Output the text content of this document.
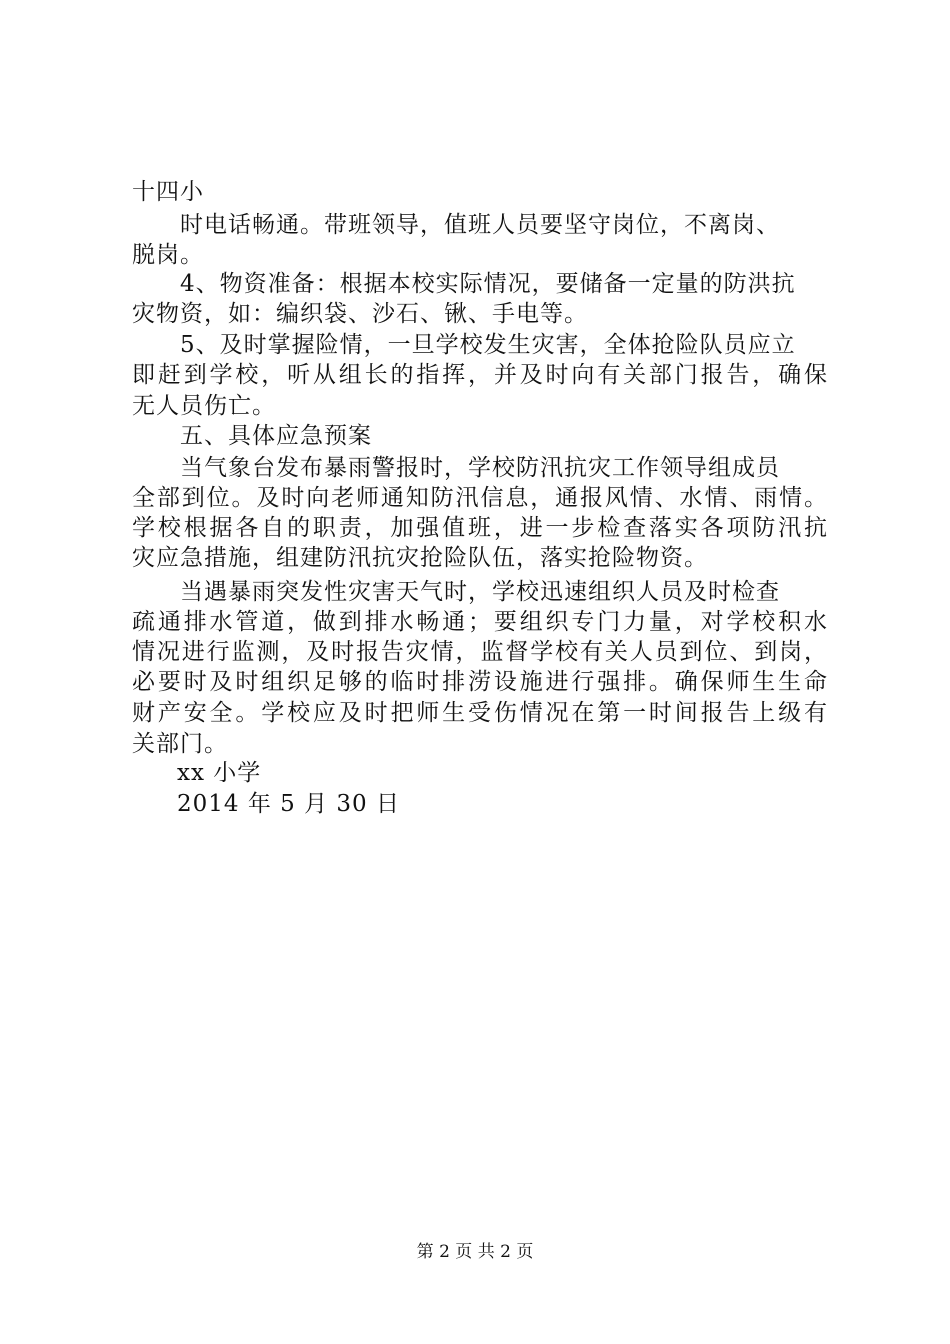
十四小
时电话畅通。带班领导，值班人员要坚守岗位，不离岗、
脱岗。
4、物资准备：根据本校实际情况，要储备一定量的防洪抗
灾物资，如：编织袋、沙石、锹、手电等。
5、及时掌握险情，一旦学校发生灾害，全体抢险队员应立
即赶到学校，听从组长的指挥，并及时向有关部门报告，确保
无人员伤亡。
五、具体应急预案
当气象台发布暴雨警报时，学校防汛抗灾工作领导组成员
全部到位。及时向老师通知防汛信息，通报风情、水情、雨情。
学校根据各自的职责，加强值班，进一步检查落实各项防汛抗
灾应急措施，组建防汛抗灾抢险队伍，落实抢险物资。
当遇暴雨突发性灾害天气时，学校迅速组织人员及时检查
疏通排水管道，做到排水畅通；要组织专门力量，对学校积水
情况进行监测，及时报告灾情，监督学校有关人员到位、到岗，
必要时及时组织足够的临时排涝设施进行强排。确保师生生命
财产安全。学校应及时把师生受伤情况在第一时间报告上级有
关部门。
xx 小学
2014 年 5 月 30 日
第 2 页 共 2 页
